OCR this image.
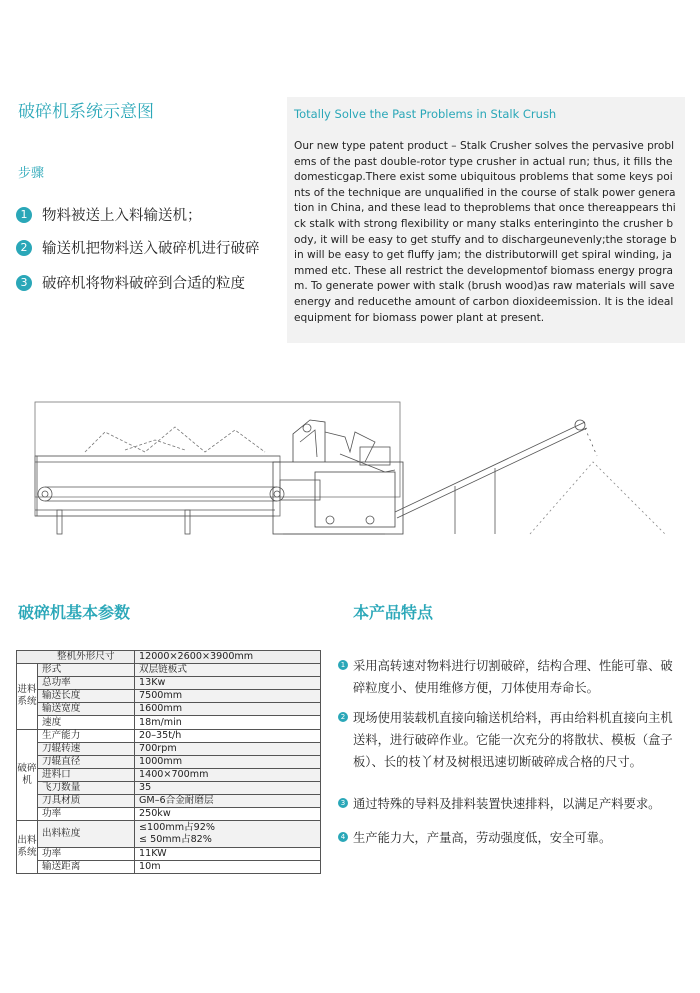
破碎机系统示意图
步骤
1	物料被送上入料输送机；
2	输送机把物料送入破碎机进行破碎
3	破碎机将物料破碎到合适的粒度
Totally Solve the Past Problems in Stalk Crush
Our new type patent product – Stalk Crusher solves the pervasive problems of the past double-rotor type crusher in actual run; thus, it fills the domesticgap.There exist some ubiquitous problems that some keys points of the technique are unqualified in the course of stalk power generation in China, and these lead to theproblems that once thereappears thick stalk with strong flexibility or many stalks enteringinto the crusher body, it will be easy to get stuffy and to dischargeunevenly;the storage bin will be easy to get fluffy jam; the distributorwill get spiral winding, jammed etc. These all restrict the developmentof biomass energy program. To generate power with stalk (brush wood)as raw materials will save energy and reducethe amount of carbon dioxideemission. It is the ideal equipment for biomass power plant at present.
破碎机基本参数
整机外形尺寸		12000×2600×3900mm
进料系统	形式	双层链板式
	总功率	13Kw
	输送长度	7500mm
	输送宽度	1600mm
	速度	18m/min
破碎机	生产能力	20–35t/h
	刀辊转速	700rpm
	刀辊直径	1000mm
	进料口	1400×700mm
	飞刀数量	35
	刀具材质	GM–6合金耐磨层
	功率	250kw
出料系统	出料粒度	≤100mm占92%
≤ 50mm占82%

	功率	11KW
	输送距离	10m
本产品特点
1 采用高转速对物料进行切割破碎，结构合理、性能可靠、破碎粒度小、使用维修方便，刀体使用寿命长。
2 现场使用装载机直接向输送机给料，再由给料机直接向主机送料，进行破碎作业。它能一次充分的将散状、模板（盒子板）、长的枝丫材及树根迅速切断破碎成合格的尺寸。
3 通过特殊的导料及排料装置快速排料，以满足产料要求。
4 生产能力大，产量高，劳动强度低，安全可靠。
